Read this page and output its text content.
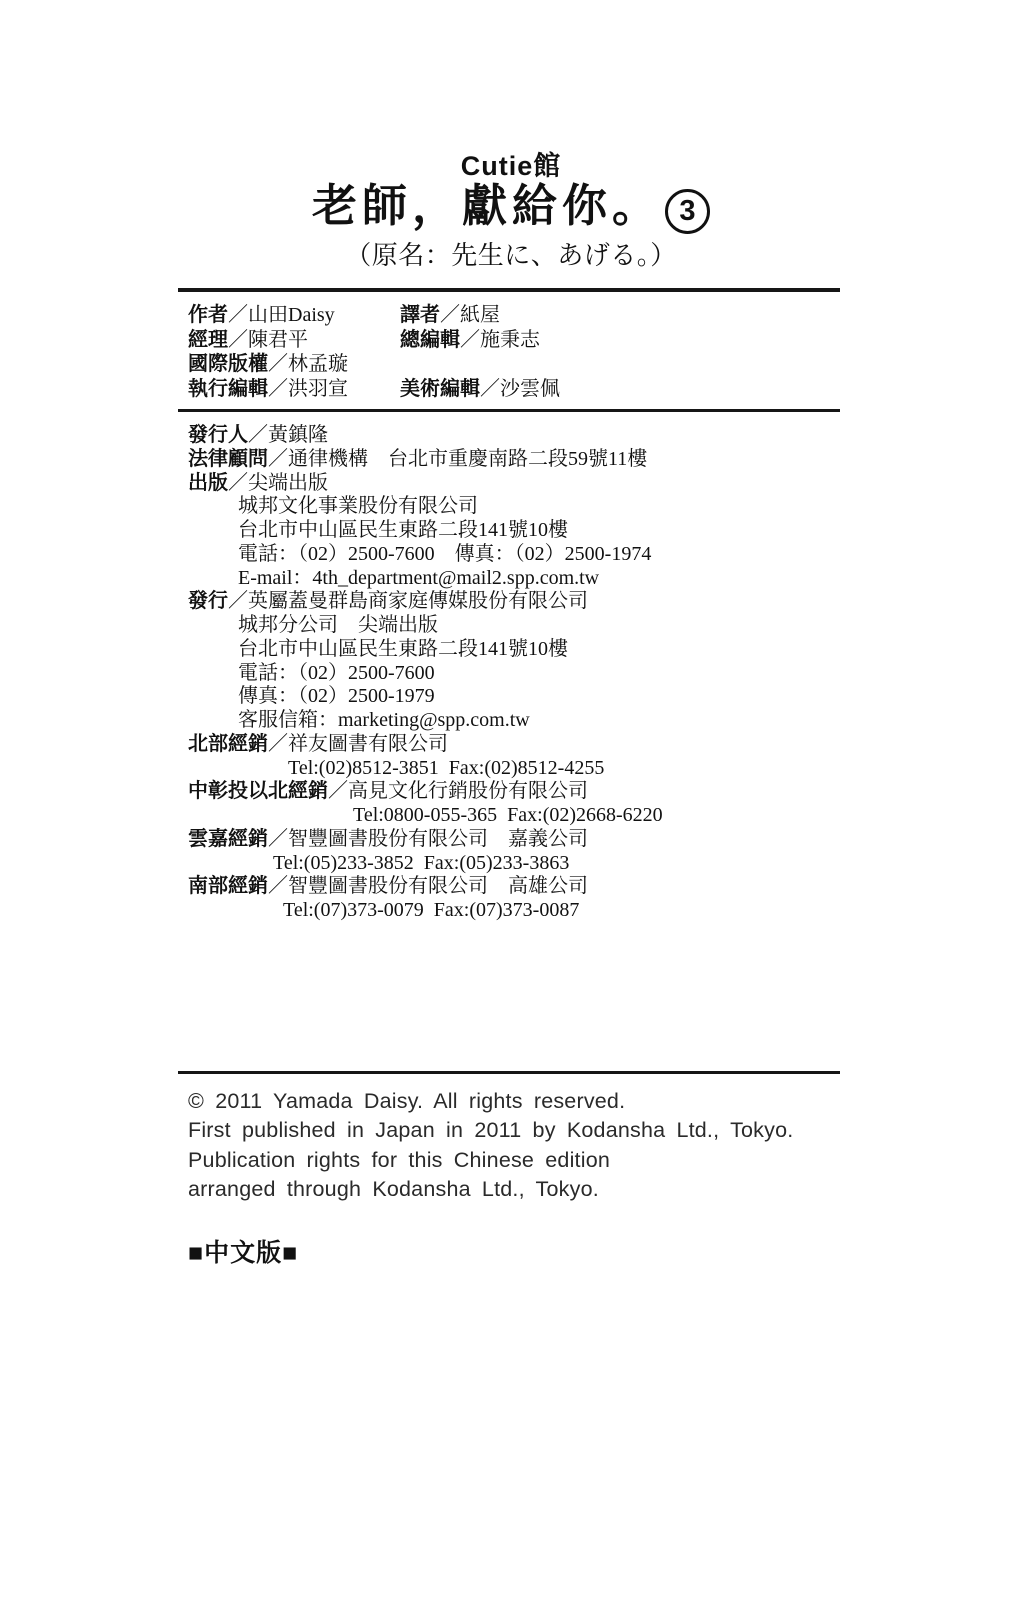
Cutie館
老師，獻給你。 3
（原名：先生に、あげる。）
作者／山田Daisy	譯者／紙屋
經理／陳君平	總編輯／施秉志
國際版權／林孟璇
執行編輯／洪羽宣	美術編輯／沙雲佩
發行人／黃鎮隆
法律顧問／通律機構　台北市重慶南路二段59號11樓
出版／尖端出版
城邦文化事業股份有限公司
台北市中山區民生東路二段141號10樓
電話：（02）2500-7600　傳真：（02）2500-1974
E-mail：4th_department@mail2.spp.com.tw
發行／英屬蓋曼群島商家庭傳媒股份有限公司
城邦分公司　尖端出版
台北市中山區民生東路二段141號10樓
電話：（02）2500-7600
傳真：（02）2500-1979
客服信箱：marketing@spp.com.tw
北部經銷／祥友圖書有限公司
Tel:(02)8512-3851  Fax:(02)8512-4255
中彰投以北經銷／高見文化行銷股份有限公司
Tel:0800-055-365  Fax:(02)2668-6220
雲嘉經銷／智豐圖書股份有限公司　嘉義公司
Tel:(05)233-3852  Fax:(05)233-3863
南部經銷／智豐圖書股份有限公司　高雄公司
Tel:(07)373-0079  Fax:(07)373-0087
© 2011 Yamada Daisy. All rights reserved.
First published in Japan in 2011 by Kodansha Ltd., Tokyo.
Publication rights for this Chinese edition
arranged through Kodansha Ltd., Tokyo.
■中文版■
